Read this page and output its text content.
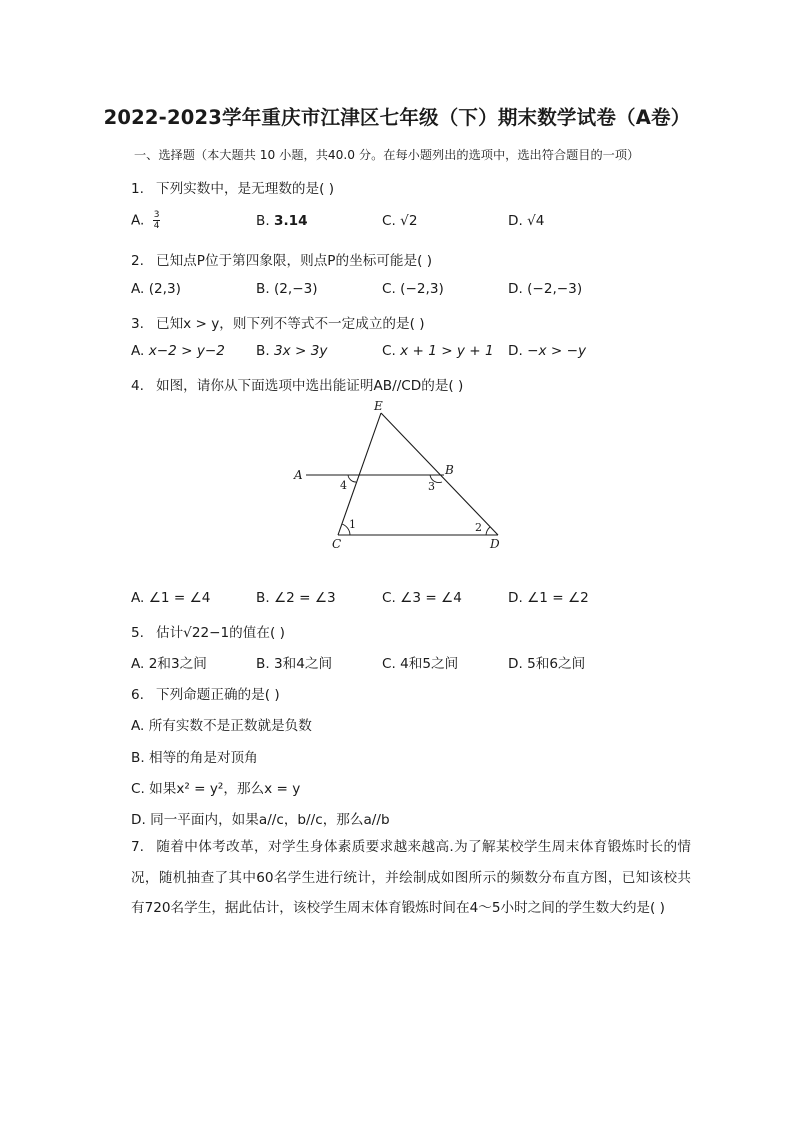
2022-2023学年重庆市江津区七年级（下）期末数学试卷（A卷）
一、选择题（本大题共 10 小题，共40.0 分。在每小题列出的选项中，选出符合题目的一项）
1. 下列实数中，是无理数的是( )
A. $\frac{3}{4}$	B. 3.14	C. √2	D. √4
2. 已知点P位于第四象限，则点P的坐标可能是( )
A. (2,3)	B. (2,−3)	C. (−2,3)	D. (−2,−3)
3. 已知x > y，则下列不等式不一定成立的是( )
A. x−2 > y−2 B. 3x > 3y	C. x + 1 > y + 1 D. −x > −y
4. 如图，请你从下面选项中选出能证明AB//CD的是( )
E
A	B
C	D
1	2
3
4
A. ∠1 = ∠4	B. ∠2 = ∠3	C. ∠3 = ∠4	D. ∠1 = ∠2
5. 估计√22−1的值在( )
A. 2和3之间	B. 3和4之间	C. 4和5之间	D. 5和6之间
6. 下列命题正确的是( )
A. 所有实数不是正数就是负数
B. 相等的角是对顶角
C. 如果x² = y²，那么x = y
D. 同一平面内，如果a//c，b//c，那么a//b
7. 随着中体考改革，对学生身体素质要求越来越高.为了解某校学生周末体育锻炼时长的情况，随机抽查了其中60名学生进行统计，并绘制成如图所示的频数分布直方图，已知该校共有720名学生，据此估计，该校学生周末体育锻炼时间在4～5小时之间的学生数大约是( )
